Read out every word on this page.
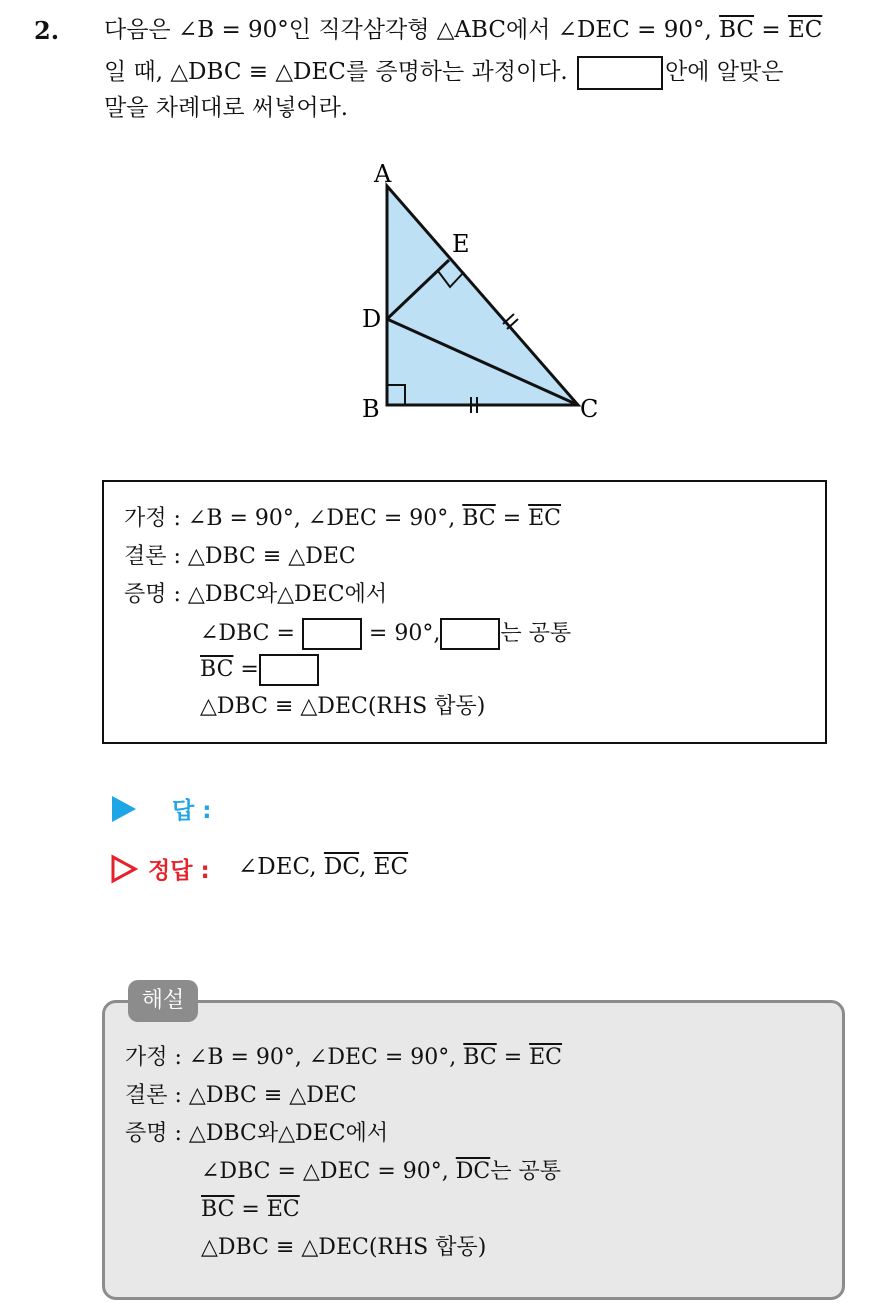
2. 다음은 ∠B = 90°인 직각삼각형 △ABC에서 ∠DEC = 90°, $\overline{BC} = \overline{EC}$
일 때, △DBC ≡ △DEC를 증명하는 과정이다.	안에 알맞은
말을 차례대로 써넣어라.
A
E
D
B	C
가정 : ∠B = 90°, ∠DEC = 90°, $\overline{BC} = \overline{EC}$
결론 : △DBC ≡ △DEC
증명 : △DBC와△DEC에서
∠DBC =	= 90°,	는 공통
$\overline{BC}$ =
△DBC ≡ △DEC(RHS 합동)
답 :
정답 : ∠DEC, $\overline{DC}$, $\overline{EC}$
가정 : ∠B = 90°, ∠DEC = 90°, $\overline{BC} = \overline{EC}$
결론 : △DBC ≡ △DEC
증명 : △DBC와△DEC에서
∠DBC = △DEC = 90°, $\overline{DC}$는 공통
$\overline{BC} = \overline{EC}$
△DBC ≡ △DEC(RHS 합동)
해설
